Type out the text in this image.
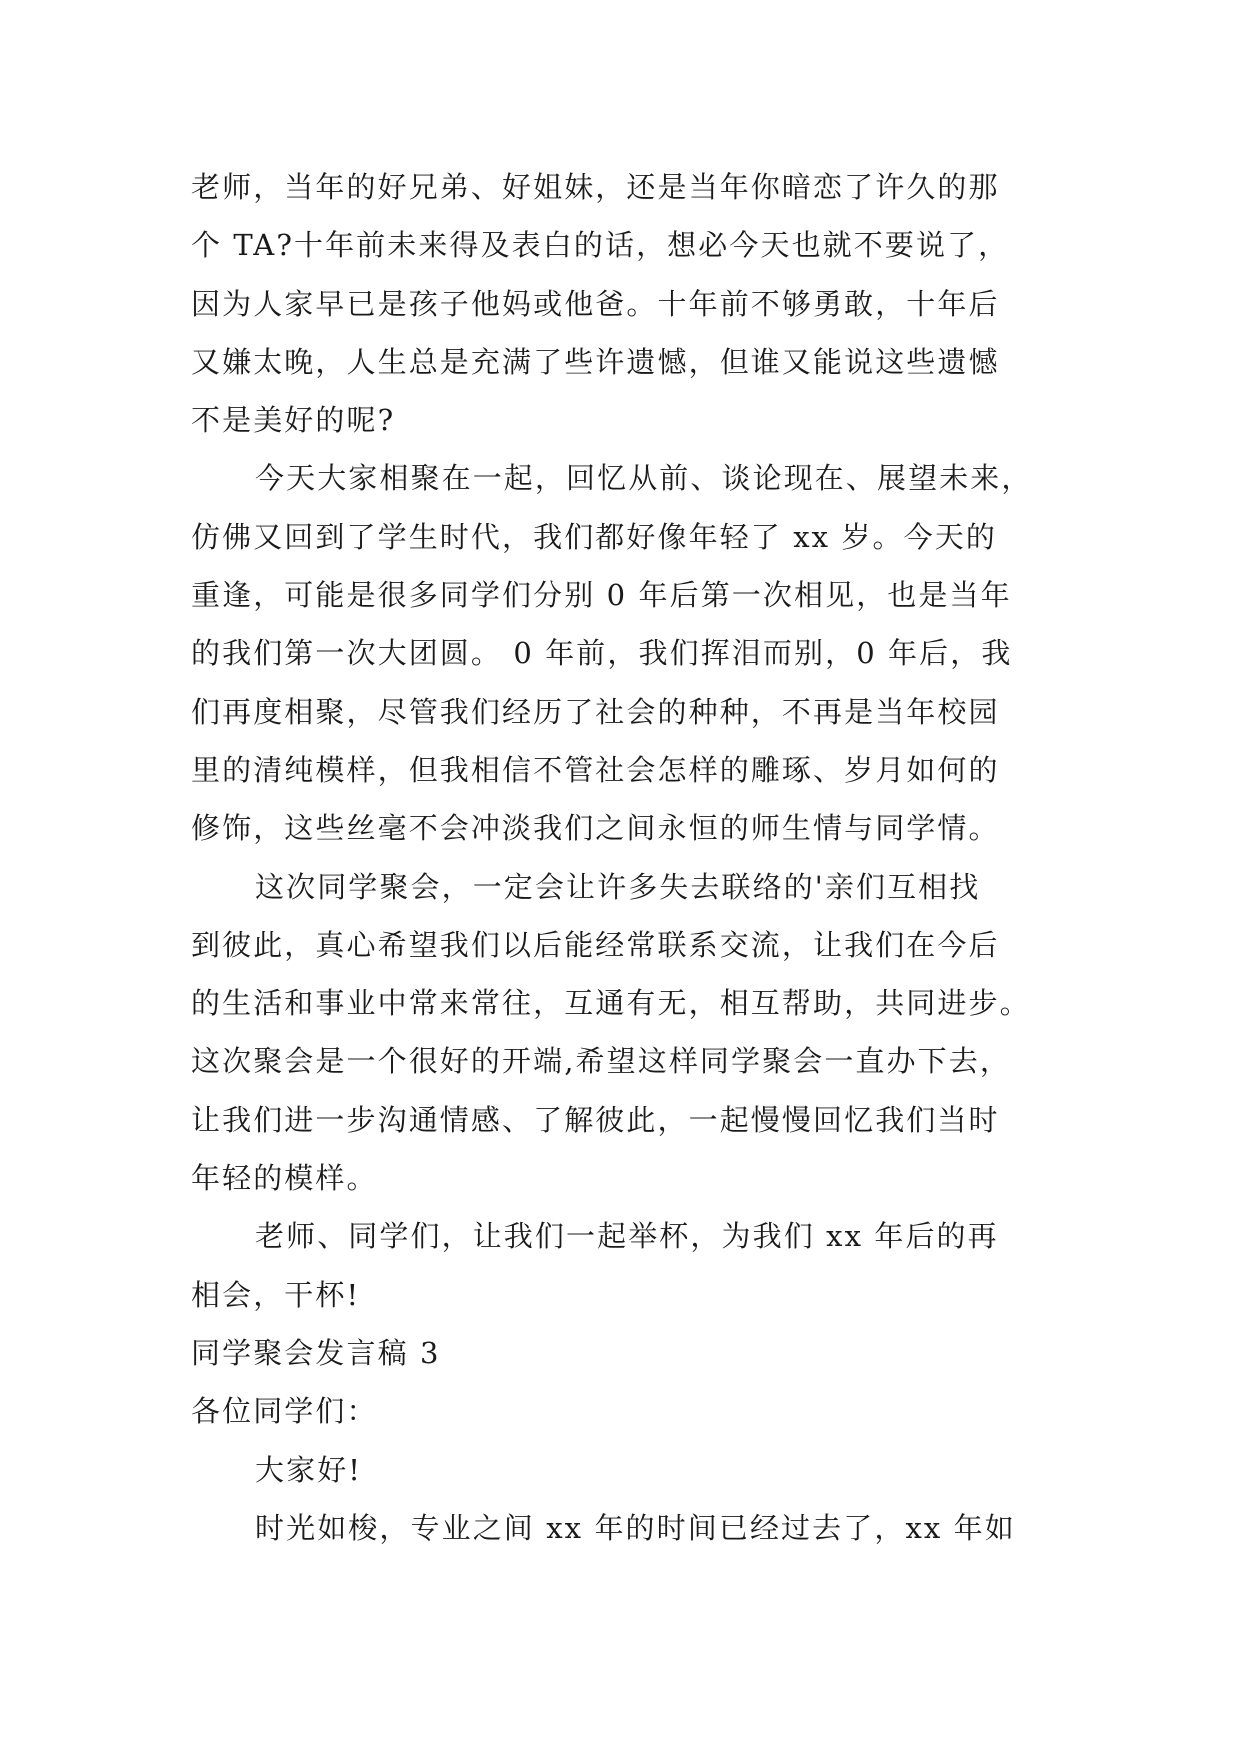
老师，当年的好兄弟、好姐妹，还是当年你暗恋了许久的那
个 TA?十年前未来得及表白的话，想必今天也就不要说了，
因为人家早已是孩子他妈或他爸。十年前不够勇敢，十年后
又嫌太晚，人生总是充满了些许遗憾，但谁又能说这些遗憾
不是美好的呢?
今天大家相聚在一起，回忆从前、谈论现在、展望未来，
仿佛又回到了学生时代，我们都好像年轻了 xx 岁。今天的
重逢，可能是很多同学们分别 0 年后第一次相见，也是当年
的我们第一次大团圆。 0 年前，我们挥泪而别，0 年后，我
们再度相聚，尽管我们经历了社会的种种，不再是当年校园
里的清纯模样，但我相信不管社会怎样的雕琢、岁月如何的
修饰，这些丝毫不会冲淡我们之间永恒的师生情与同学情。
这次同学聚会，一定会让许多失去联络的'亲们互相找
到彼此，真心希望我们以后能经常联系交流，让我们在今后
的生活和事业中常来常往，互通有无，相互帮助，共同进步。
这次聚会是一个很好的开端,希望这样同学聚会一直办下去，
让我们进一步沟通情感、了解彼此，一起慢慢回忆我们当时
年轻的模样。
老师、同学们，让我们一起举杯，为我们 xx 年后的再
相会，干杯!
同学聚会发言稿 3
各位同学们：
大家好!
时光如梭，专业之间 xx 年的时间已经过去了，xx 年如
